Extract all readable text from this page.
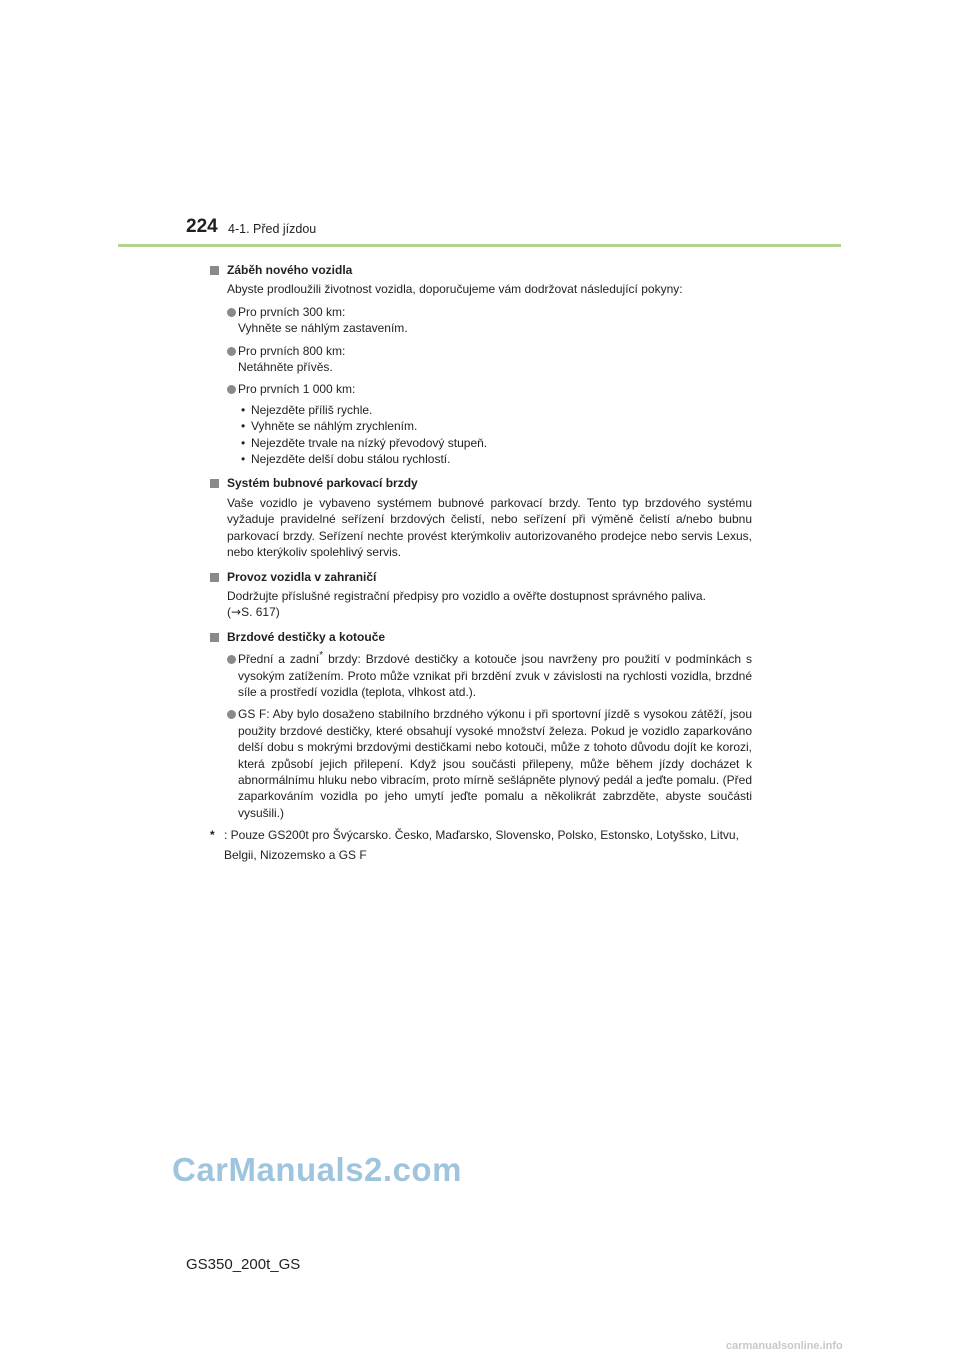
224 4-1. Před jízdou
Záběh nového vozidla
Abyste prodloužili životnost vozidla, doporučujeme vám dodržovat následující pokyny:
Pro prvních 300 km:
Vyhněte se náhlým zastavením.
Pro prvních 800 km:
Netáhněte přívěs.
Pro prvních 1 000 km:
• Nejezděte příliš rychle.
• Vyhněte se náhlým zrychlením.
• Nejezděte trvale na nízký převodový stupeň.
• Nejezděte delší dobu stálou rychlostí.
Systém bubnové parkovací brzdy
Vaše vozidlo je vybaveno systémem bubnové parkovací brzdy. Tento typ brzdového systému vyžaduje pravidelné seřízení brzdových čelistí, nebo seřízení při výměně čelistí a/nebo bubnu parkovací brzdy. Seřízení nechte provést kterýmkoliv autorizovaného prodejce nebo servis Lexus, nebo kterýkoliv spolehlivý servis.
Provoz vozidla v zahraničí
Dodržujte příslušné registrační předpisy pro vozidlo a ověřte dostupnost správného paliva.
(→S. 617)
Brzdové destičky a kotouče
Přední a zadní* brzdy: Brzdové destičky a kotouče jsou navrženy pro použití v podmínkách s vysokým zatížením. Proto může vznikat při brzdění zvuk v závislosti na rychlosti vozidla, brzdné síle a prostředí vozidla (teplota, vlhkost atd.).
GS F: Aby bylo dosaženo stabilního brzdného výkonu i při sportovní jízdě s vysokou zátěží, jsou použity brzdové destičky, které obsahují vysoké množství železa. Pokud je vozidlo zaparkováno delší dobu s mokrými brzdovými destičkami nebo kotouči, může z tohoto důvodu dojít ke korozi, která způsobí jejich přilepení. Když jsou součásti přilepeny, může během jízdy docházet k abnormálnímu hluku nebo vibracím, proto mírně sešlápněte plynový pedál a jeďte pomalu. (Před zaparkováním vozidla po jeho umytí jeďte pomalu a několikrát zabrzděte, abyste součásti vysušili.)
* : Pouze GS200t pro Švýcarsko. Česko, Maďarsko, Slovensko, Polsko, Estonsko, Lotyšsko, Litvu, Belgii, Nizozemsko a GS F
CarManuals2.com
GS350_200t_GS
carmanualsonline.info
